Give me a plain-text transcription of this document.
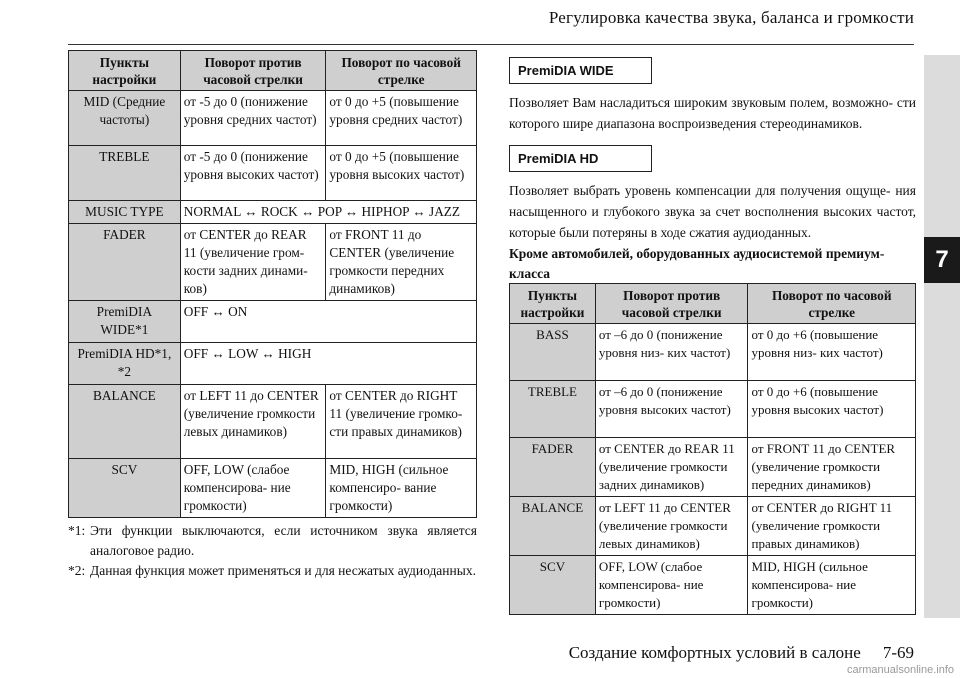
Регулировка качества звука, баланса и громкости
7
Пункты настройки	Поворот против часовой стрелки	Поворот по часовой стрелке
MID (Средние частоты)	от -5 до 0 (понижение уровня средних частот)	от 0 до +5 (повышение уровня средних частот)
TREBLE	от -5 до 0 (понижение уровня высоких частот)	от 0 до +5 (повышение уровня высоких частот)
MUSIC TYPE	NORMAL ↔ ROCK ↔ POP ↔ HIPHOP ↔ JAZZ	
FADER	от CENTER до REAR 11 (увеличение гром- кости задних динами- ков)	от FRONT 11 до CENTER (увеличение громкости передних динамиков)
PremiDIA WIDE*1	OFF ↔ ON	
PremiDIA HD*1, *2	OFF ↔ LOW ↔ HIGH	
BALANCE	от LEFT 11 до CENTER (увеличение громкости левых динамиков)	от CENTER до RIGHT 11 (увеличение громко- сти правых динамиков)
SCV	OFF, LOW (слабое компенсирова- ние громкости)	MID, HIGH (сильное компенсиро- вание громкости)
*1: Эти функции выключаются, если источником звука является аналоговое радио.
*2: Данная функция может применяться и для несжатых аудиоданных.
PremiDIA WIDE
Позволяет Вам насладиться широким звуковым полем, возможно- сти которого шире диапазона воспроизведения стереодинамиков.
PremiDIA HD
Позволяет выбрать уровень компенсации для получения ощуще- ния насыщенного и глубокого звука за счет восполнения высоких частот, которые были потеряны в ходе сжатия аудиоданных.
Кроме автомобилей, оборудованных аудиосистемой премиум- класса
Пункты настройки	Поворот против часовой стрелки	Поворот по часовой стрелке
BASS	от –6 до 0 (понижение уровня низ- ких частот)	от 0 до +6 (повышение уровня низ- ких частот)
TREBLE	от –6 до 0 (понижение уровня высоких частот)	от 0 до +6 (повышение уровня высоких частот)
FADER	от CENTER до REAR 11 (увеличение громкости задних динамиков)	от FRONT 11 до CENTER (увеличение громкости передних динамиков)
BALANCE	от LEFT 11 до CENTER (увеличение громкости левых динамиков)	от CENTER до RIGHT 11 (увеличение громкости правых динамиков)
SCV	OFF, LOW (слабое компенсирова- ние громкости)	MID, HIGH (сильное компенсирова- ние громкости)
Создание комфортных условий в салоне 7-69
carmanualsonline.info
